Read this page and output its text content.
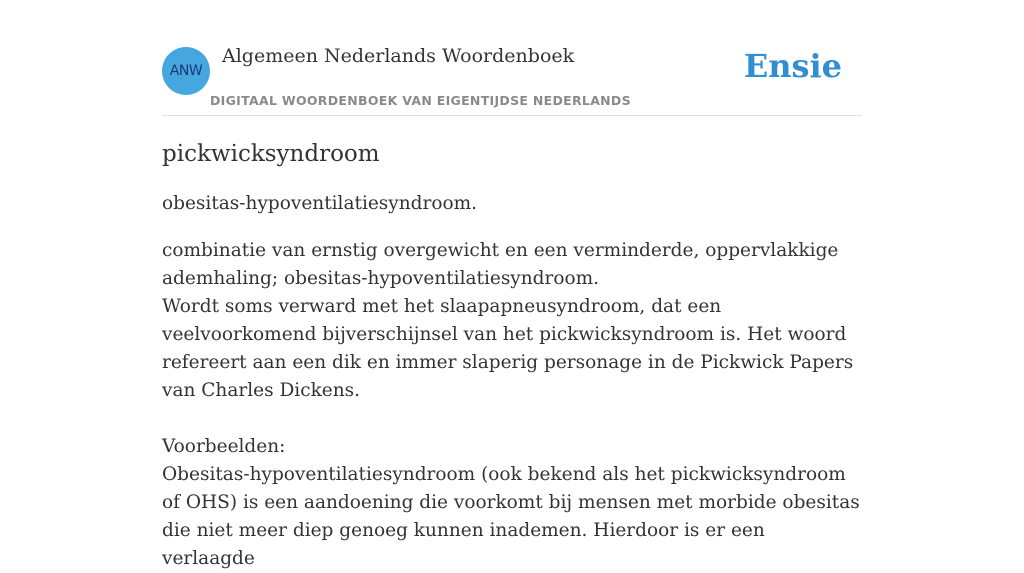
ANW
Algemeen Nederlands Woordenboek
DIGITAAL WOORDENBOEK VAN EIGENTIJDSE NEDERLANDS
Ensie
pickwicksyndroom

obesitas-hypoventilatiesyndroom.

combinatie van ernstig overgewicht en een verminderde, oppervlakkige ademhaling; obesitas-hypoventilatiesyndroom.
Wordt soms verward met het slaapapneusyndroom, dat een veelvoorkomend bijverschijnsel van het pickwicksyndroom is. Het woord refereert aan een dik en immer slaperig personage in de Pickwick Papers van Charles Dickens.

Voorbeelden:
Obesitas-hypoventilatiesyndroom (ook bekend als het pickwicksyndroom of OHS) is een aandoening die voorkomt bij mensen met morbide obesitas die niet meer diep genoeg kunnen inademen. Hierdoor is er een verlaagde
